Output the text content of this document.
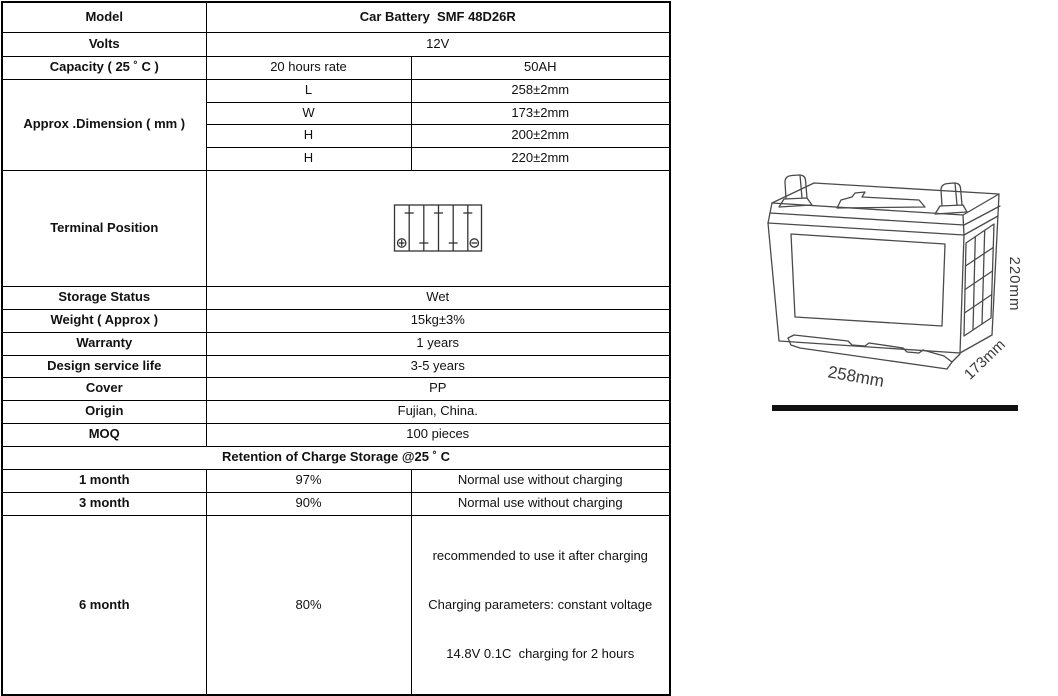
Model	Car Battery  SMF 48D26R	
Volts	12V	
Capacity ( 25 ˚ C )	20 hours rate	50AH
Approx .Dimension ( mm )	L	258±2mm
	W	173±2mm
	H	200±2mm
	H	220±2mm
Terminal Position	

Storage Status	Wet	
Weight ( Approx )	15kg±3%	
Warranty	1 years	
Design service life	3-5 years	
Cover	PP	
Origin	Fujian, China.	
MOQ	100 pieces	
Retention of Charge Storage @25 ˚ C		
1 month	97%	Normal use without charging
3 month	90%	Normal use without charging
6 month	80%	recommended to use it after charging

Charging parameters: constant voltage

14.8V 0.1C  charging for 2 hours

220mm
173mm
258mm
